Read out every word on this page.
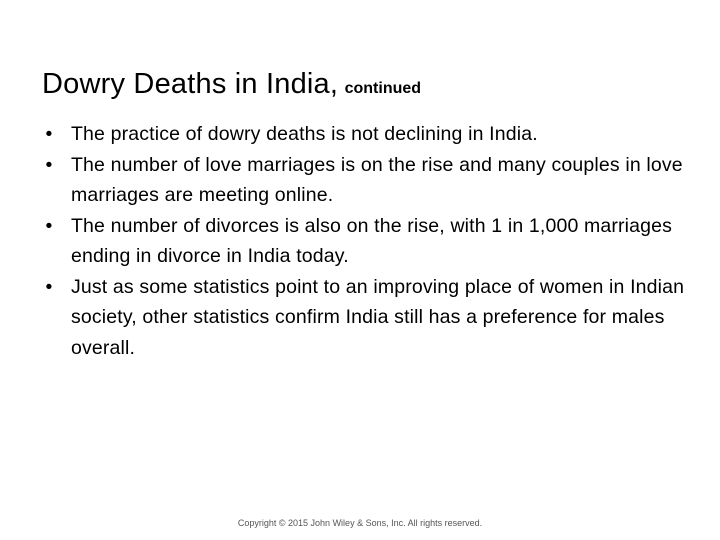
Dowry Deaths in India, continued
• The practice of dowry deaths is not declining in India.
• The number of love marriages is on the rise and many couples in love marriages are meeting online.
• The number of divorces is also on the rise, with 1 in 1,000 marriages ending in divorce in India today.
• Just as some statistics point to an improving place of women in Indian society, other statistics confirm India still has a preference for males overall.
Copyright © 2015 John Wiley & Sons, Inc. All rights reserved.
